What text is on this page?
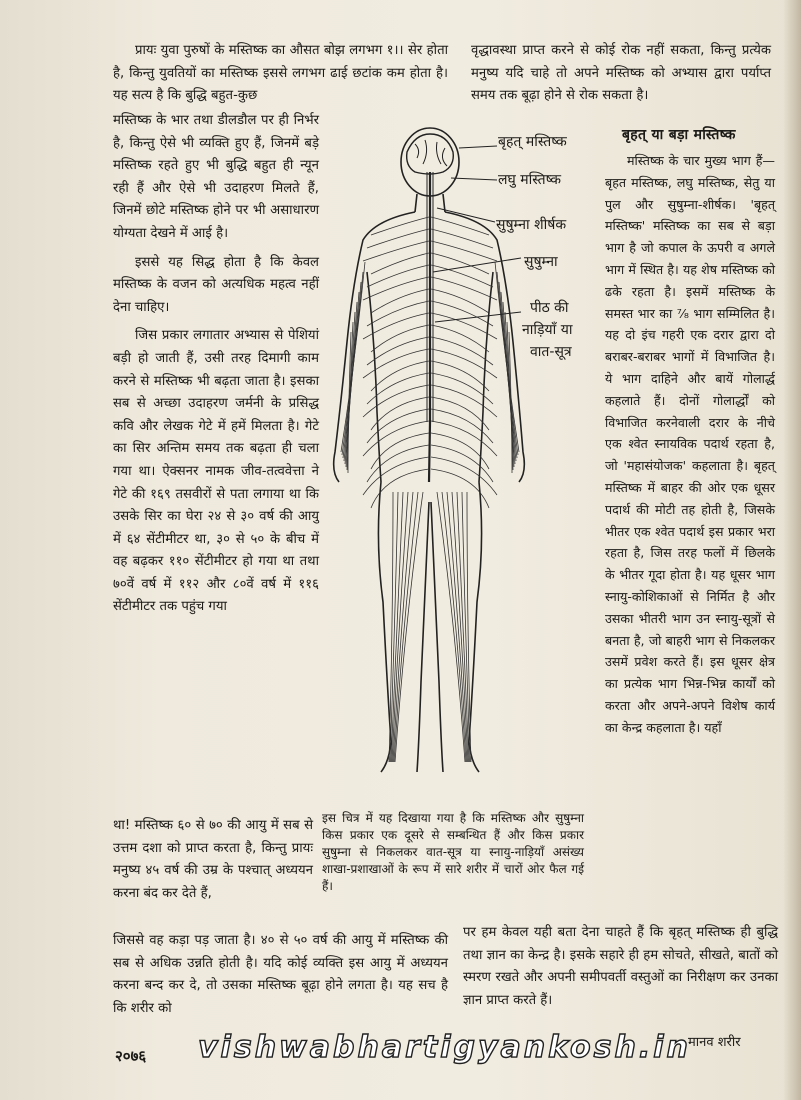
प्रायः युवा पुरुषों के मस्तिष्क का औसत बोझ लगभग १।। सेर होता है, किन्तु युवतियों का मस्तिष्क इससे लगभग ढाई छटांक कम होता है। यह सत्य है कि बुद्धि बहुत-कुछ

मस्तिष्क के भार तथा डीलडौल पर ही निर्भर है, किन्तु ऐसे भी व्यक्ति हुए हैं, जिनमें बड़े मस्तिष्क रहते हुए भी बुद्धि बहुत ही न्यून रही हैं और ऐसे भी उदाहरण मिलते हैं, जिनमें छोटे मस्तिष्क होने पर भी असाधारण योग्यता देखने में आई है।

इससे यह सिद्ध होता है कि केवल मस्तिष्क के वजन को अत्यधिक महत्व नहीं देना चाहिए।

जिस प्रकार लगातार अभ्यास से पेशियां बड़ी हो जाती हैं, उसी तरह दिमागी काम करने से मस्तिष्क भी बढ़ता जाता है। इसका सब से अच्छा उदाहरण जर्मनी के प्रसिद्ध कवि और लेखक गेटे में हमें मिलता है। गेटे का सिर अन्तिम समय तक बढ़ता ही चला गया था। ऐक्सनर नामक जीव-तत्ववेत्ता ने गेटे की १६९ तसवीरों से पता लगाया था कि उसके सिर का घेरा २४ से ३० वर्ष की आयु में ६४ सेंटीमीटर था, ३० से ५० के बीच में वह बढ़कर ११० सेंटीमीटर हो गया था तथा ७०वें वर्ष में ११२ और ८०वें वर्ष में ११६ सेंटीमीटर तक पहुंच गया

था! मस्तिष्क ६० से ७० की आयु में सब से उत्तम दशा को प्राप्त करता है, किन्तु प्रायः मनुष्य ४५ वर्ष की उम्र के पश्चात् अध्ययन करना बंद कर देते हैं,

जिससे वह कड़ा पड़ जाता है। ४० से ५० वर्ष की आयु में मस्तिष्क की सब से अधिक उन्नति होती है। यदि कोई व्यक्ति इस आयु में अध्ययन करना बन्द कर दे, तो उसका मस्तिष्क बूढ़ा होने लगता है। यह सच है कि शरीर को

वृद्धावस्था प्राप्त करने से कोई रोक नहीं सकता, किन्तु प्रत्येक मनुष्य यदि चाहे तो अपने मस्तिष्क को अभ्यास द्वारा पर्याप्त समय तक बूढ़ा होने से रोक सकता है।

बृहत् या बड़ा मस्तिष्क

मस्तिष्क के चार मुख्य भाग हैं—बृहत मस्तिष्क, लघु मस्तिष्क, सेतु या पुल और सुषुम्ना-शीर्षक। 'बृहत् मस्तिष्क' मस्तिष्क का सब से बड़ा भाग है जो कपाल के ऊपरी व अगले भाग में स्थित है। यह शेष मस्तिष्क को ढके रहता है। इसमें मस्तिष्क के समस्त भार का ⁷⁄₈ भाग सम्मिलित है। यह दो इंच गहरी एक दरार द्वारा दो बराबर-बराबर भागों में विभाजित है। ये भाग दाहिने और बायें गोलार्द्ध कहलाते हैं। दोनों गोलार्द्धों को विभाजित करनेवाली दरार के नीचे एक श्वेत स्नायविक पदार्थ रहता है, जो 'महासंयोजक' कहलाता है। बृहत् मस्तिष्क में बाहर की ओर एक धूसर पदार्थ की मोटी तह होती है, जिसके भीतर एक श्वेत पदार्थ इस प्रकार भरा रहता है, जिस तरह फलों में छिलके के भीतर गूदा होता है। यह धूसर भाग स्नायु-कोशिकाओं से निर्मित है और उसका भीतरी भाग उन स्नायु-सूत्रों से बनता है, जो बाहरी भाग से निकलकर उसमें प्रवेश करते हैं। इस धूसर क्षेत्र का प्रत्येक भाग भिन्न-भिन्न कार्यों को करता और अपने-अपने विशेष कार्य का केन्द्र कहलाता है। यहाँ

पर हम केवल यही बता देना चाहते हैं कि बृहत् मस्तिष्क ही बुद्धि तथा ज्ञान का केन्द्र है। इसके सहारे ही हम सोचते, सीखते, बातों को स्मरण रखते और अपनी समीपवर्ती वस्तुओं का निरीक्षण कर उनका ज्ञान प्राप्त करते हैं।

बृहत् मस्तिष्क
लघु मस्तिष्क
सुषुम्ना शीर्षक
सुषुम्ना
पीठ की
नाड़ियाँ या
वात-सूत्र
इस चित्र में यह दिखाया गया है कि मस्तिष्क और सुषुम्ना किस प्रकार एक दूसरे से सम्बन्धित हैं और किस प्रकार सुषुम्ना से निकलकर वात-सूत्र या स्नायु-नाड़ियाँ असंख्य शाखा-प्रशाखाओं के रूप में सारे शरीर में चारों ओर फैल गई हैं।
२०७६ vishwabhartigyankosh.in
मानव शरीर
